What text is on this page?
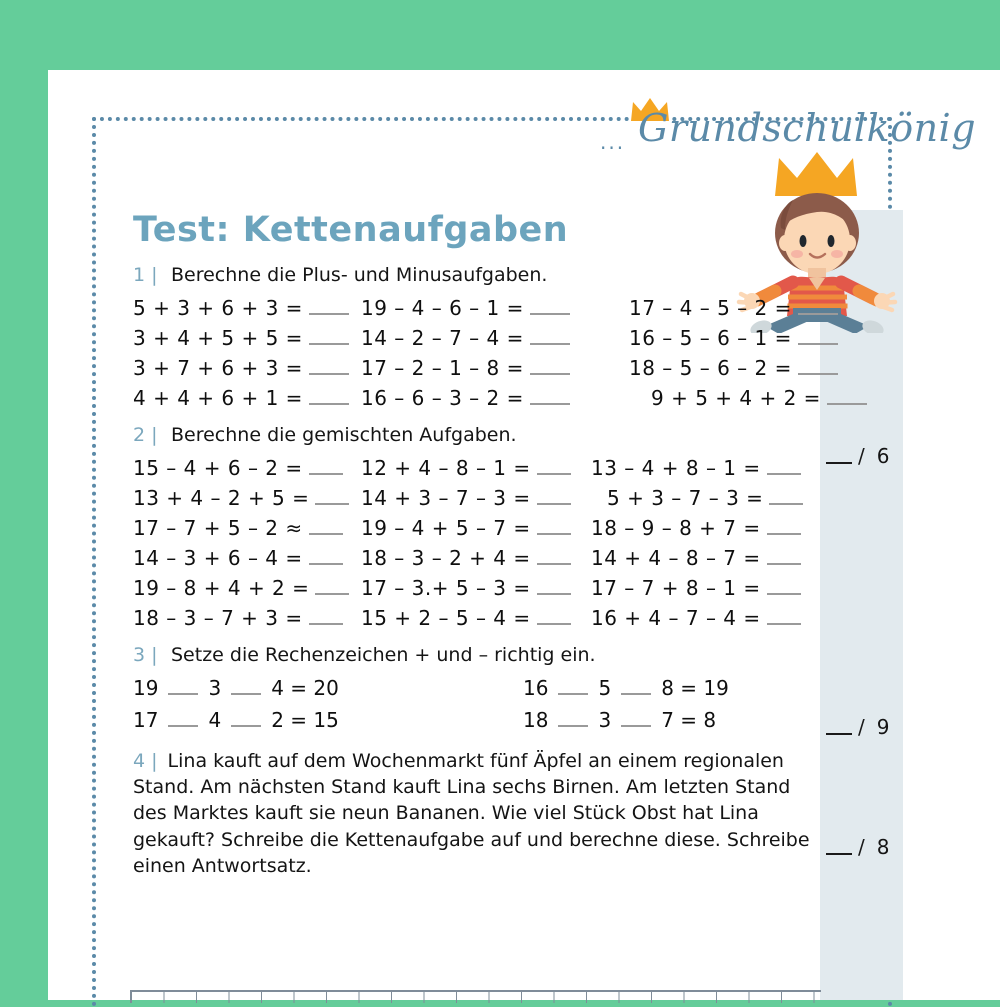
/ 6
/ 9
/ 8
··· Grundschulkönig
Test: Kettenaufgaben
1 | Berechne die Plus- und Minusaufgaben.
5 + 3 + 6 + 3 =	19 – 4 – 6 – 1 =	17 – 4 – 5 – 2 =
3 + 4 + 5 + 5 =	14 – 2 – 7 – 4 =	16 – 5 – 6 – 1 =
3 + 7 + 6 + 3 =	17 – 2 – 1 – 8 =	18 – 5 – 6 – 2 =
4 + 4 + 6 + 1 =	16 – 6 – 3 – 2 =	9 + 5 + 4 + 2 =
2 | Berechne die gemischten Aufgaben.
15 – 4 + 6 – 2 =	12 + 4 – 8 – 1 =	13 – 4 + 8 – 1 =
13 + 4 – 2 + 5 =	14 + 3 – 7 – 3 =	5 + 3 – 7 – 3 =
17 – 7 + 5 – 2 ≈	19 – 4 + 5 – 7 =	18 – 9 – 8 + 7 =
14 – 3 + 6 – 4 =	18 – 3 – 2 + 4 =	14 + 4 – 8 – 7 =
19 – 8 + 4 + 2 =	17 – 3.+ 5 – 3 =	17 – 7 + 8 – 1 =
18 – 3 – 7 + 3 =	15 + 2 – 5 – 4 =	16 + 4 – 7 – 4 =
3 | Setze die Rechenzeichen + und – richtig ein.
19	3	4 = 20	16	5	8 = 19
17	4	2 = 15	18	3	7 = 8

4 | Lina kauft auf dem Wochenmarkt fünf Äpfel an einem regionalen Stand. Am nächsten Stand kauft Lina sechs Birnen. Am letzten Stand des Marktes kauft sie neun Bananen. Wie viel Stück Obst hat Lina gekauft? Schreibe die Kettenaufgabe auf und berechne diese. Schreibe einen Antwortsatz.
